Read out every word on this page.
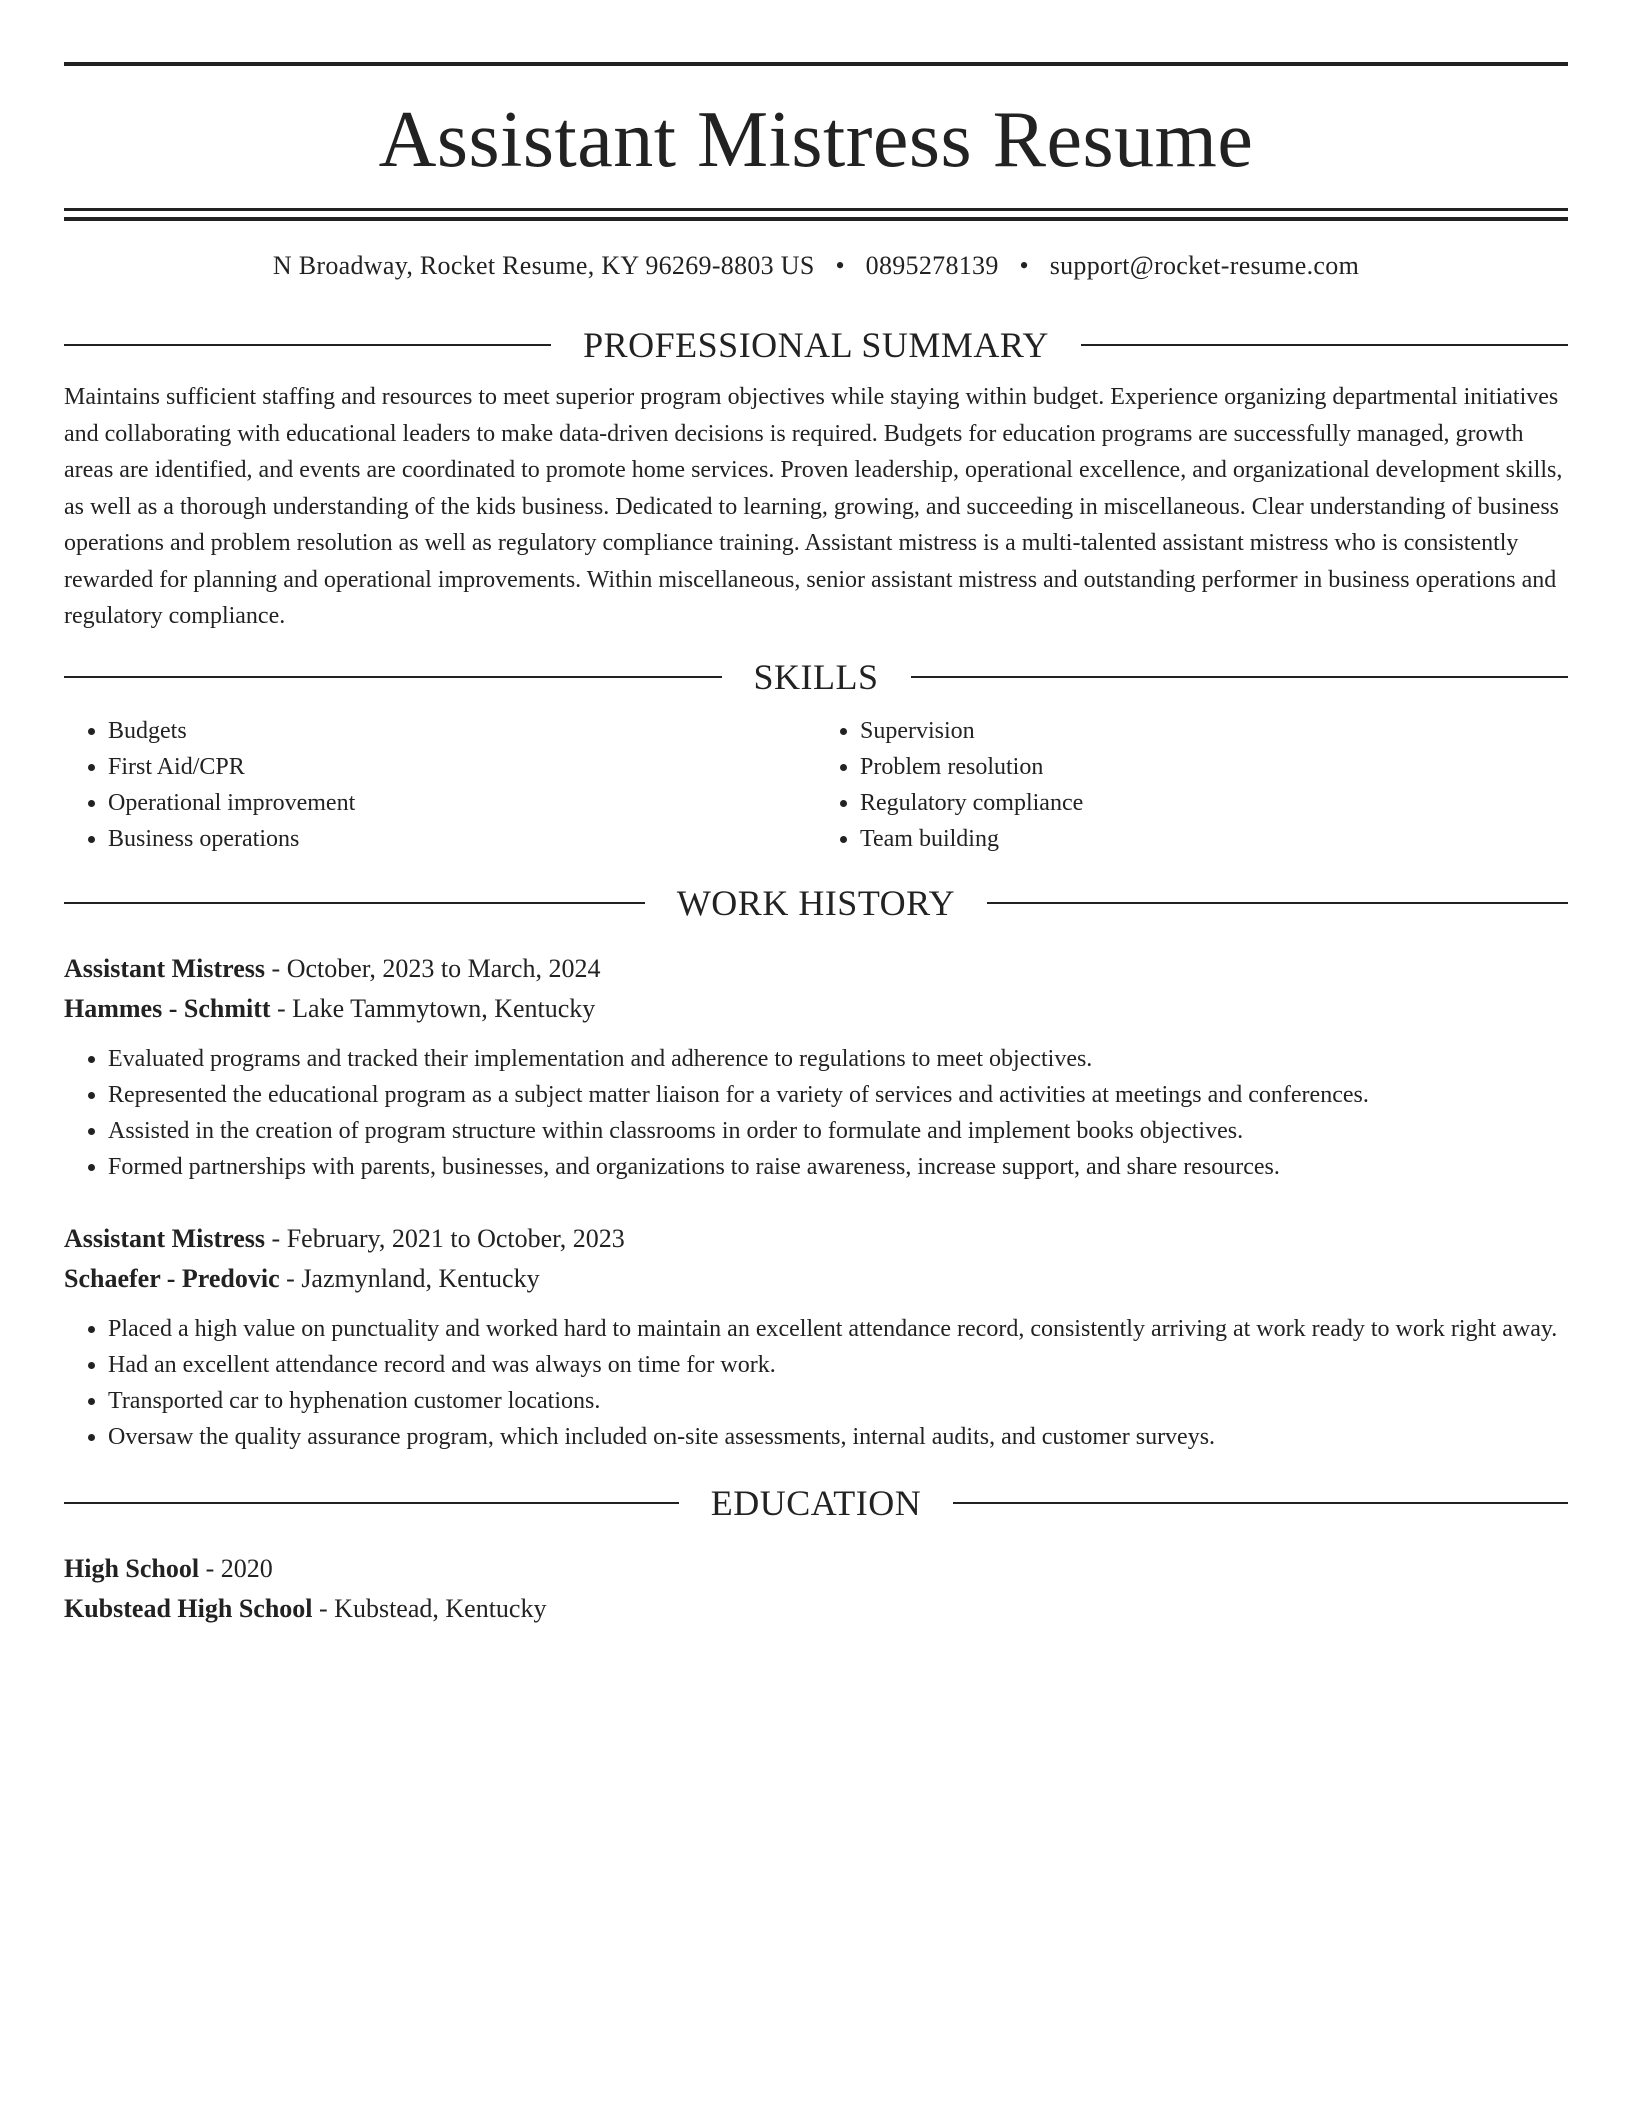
Assistant Mistress Resume
N Broadway, Rocket Resume, KY 96269-8803 US • 0895278139 • support@rocket-resume.com
PROFESSIONAL SUMMARY

Maintains sufficient staffing and resources to meet superior program objectives while staying within budget. Experience organizing departmental initiatives and collaborating with educational leaders to make data-driven decisions is required. Budgets for education programs are successfully managed, growth areas are identified, and events are coordinated to promote home services. Proven leadership, operational excellence, and organizational development skills, as well as a thorough understanding of the kids business. Dedicated to learning, growing, and succeeding in miscellaneous. Clear understanding of business operations and problem resolution as well as regulatory compliance training. Assistant mistress is a multi-talented assistant mistress who is consistently rewarded for planning and operational improvements. Within miscellaneous, senior assistant mistress and outstanding performer in business operations and regulatory compliance.

SKILLS
• Budgets
• First Aid/CPR
• Operational improvement
• Business operations
• Supervision
• Problem resolution
• Regulatory compliance
• Team building
WORK HISTORY
Assistant Mistress - October, 2023 to March, 2024
Hammes - Schmitt - Lake Tammytown, Kentucky
• Evaluated programs and tracked their implementation and adherence to regulations to meet objectives.
• Represented the educational program as a subject matter liaison for a variety of services and activities at meetings and conferences.
• Assisted in the creation of program structure within classrooms in order to formulate and implement books objectives.
• Formed partnerships with parents, businesses, and organizations to raise awareness, increase support, and share resources.
Assistant Mistress - February, 2021 to October, 2023
Schaefer - Predovic - Jazmynland, Kentucky
• Placed a high value on punctuality and worked hard to maintain an excellent attendance record, consistently arriving at work ready to work right away.
• Had an excellent attendance record and was always on time for work.
• Transported car to hyphenation customer locations.
• Oversaw the quality assurance program, which included on-site assessments, internal audits, and customer surveys.
EDUCATION
High School - 2020
Kubstead High School - Kubstead, Kentucky
